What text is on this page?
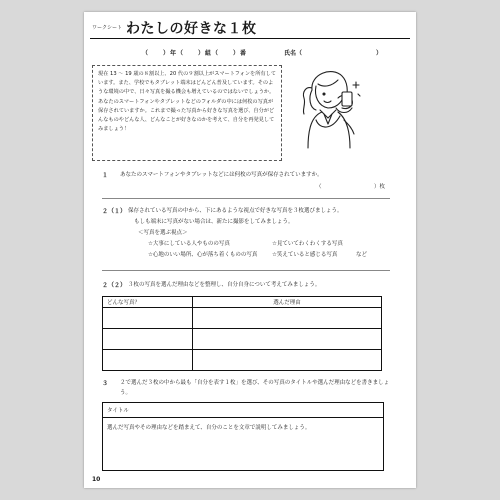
ワークシート わたしの好きな１枚
（　　）年（　　）組（　　）番	氏名（	）
現在 13 〜 19 歳の８割以上、20 代の９割以上がスマートフォンを所有しています。また、学校でもタブレット端末はどんどん普及しています。そのような環境の中で、日々写真を撮る機会も増えているのではないでしょうか。あなたのスマートフォンやタブレットなどのフォルダの中には何枚の写真が保存されていますか。これまで撮った写真から好きな写真を選び、自分がどんなものやどんな人、どんなことが好きなのかを考えて、自分を再発見してみましょう！
１ あなたのスマートフォンやタブレットなどには何枚の写真が保存されていますか。
（	）枚
２（１） 保存されている写真の中から、下にあるような視点で好きな写真を３枚選びましょう。
もしも端末に写真がない場合は、新たに撮影をしてみましょう。
＜写真を選ぶ視点＞
☆大事にしている人やものの写真	☆見ていてわくわくする写真
☆心地のいい場所、心が落ち着くものの写真	☆笑えていると感じる写真	など
２（２） ３枚の写真を選んだ理由などを整理し、自分自身について考えてみましょう。
どんな写真？	選んだ理由

３ ２で選んだ３枚の中から最も「自分を表す１枚」を選び、その写真のタイトルや選んだ理由などを書きましょう。
タイトル
選んだ写真やその理由などを踏まえて、自分のことを文章で説明してみましょう。
10
